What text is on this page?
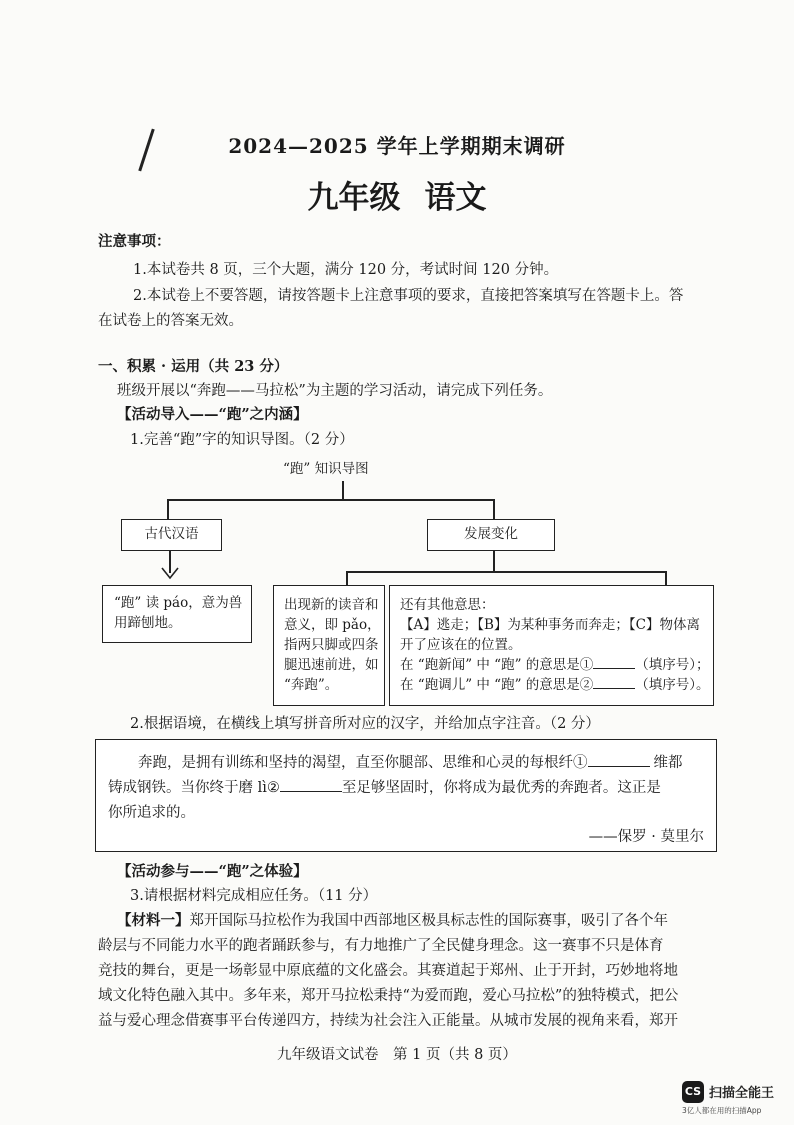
2024—2025 学年上学期期末调研
九年级 语文
注意事项：
1.本试卷共 8 页，三个大题，满分 120 分，考试时间 120 分钟。
2.本试卷上不要答题，请按答题卡上注意事项的要求，直接把答案填写在答题卡上。答
在试卷上的答案无效。
一、积累 · 运用（共 23 分）
班级开展以“奔跑——马拉松”为主题的学习活动，请完成下列任务。
【活动导入——“跑”之内涵】
1.完善“跑”字的知识导图。（2 分）
“跑” 知识导图
古代汉语	发展变化
“跑” 读 páo，意为兽
用蹄刨地。
出现新的读音和
意义，即 pǎo，
指两只脚或四条
腿迅速前进，如
“奔跑”。
还有其他意思：
【A】逃走；【B】为某种事务而奔走；【C】物体离
开了应该在的位置。
在 “跑新闻” 中 “跑” 的意思是①	（填序号）；
在 “跑调儿” 中 “跑” 的意思是②	（填序号）。
2.根据语境，在横线上填写拼音所对应的汉字，并给加点字注音。（2 分）
奔跑，是拥有训练和坚持的渴望，直至你腿部、思维和心灵的每根纤①	维都
铸成钢铁。当你终于磨 lì②	至足够坚固时，你将成为最优秀的奔跑者。这正是
你所追求的。
——保罗 · 莫里尔
【活动参与——“跑”之体验】
3.请根据材料完成相应任务。（11 分）
【材料一】郑开国际马拉松作为我国中西部地区极具标志性的国际赛事，吸引了各个年
龄层与不同能力水平的跑者踊跃参与，有力地推广了全民健身理念。这一赛事不只是体育
竞技的舞台，更是一场彰显中原底蕴的文化盛会。其赛道起于郑州、止于开封，巧妙地将地
域文化特色融入其中。多年来，郑开马拉松秉持“为爱而跑，爱心马拉松”的独特模式，把公
益与爱心理念借赛事平台传递四方，持续为社会注入正能量。从城市发展的视角来看，郑开
九年级语文试卷　第 1 页（共 8 页）
CS 扫描全能王
3亿人都在用的扫描App
